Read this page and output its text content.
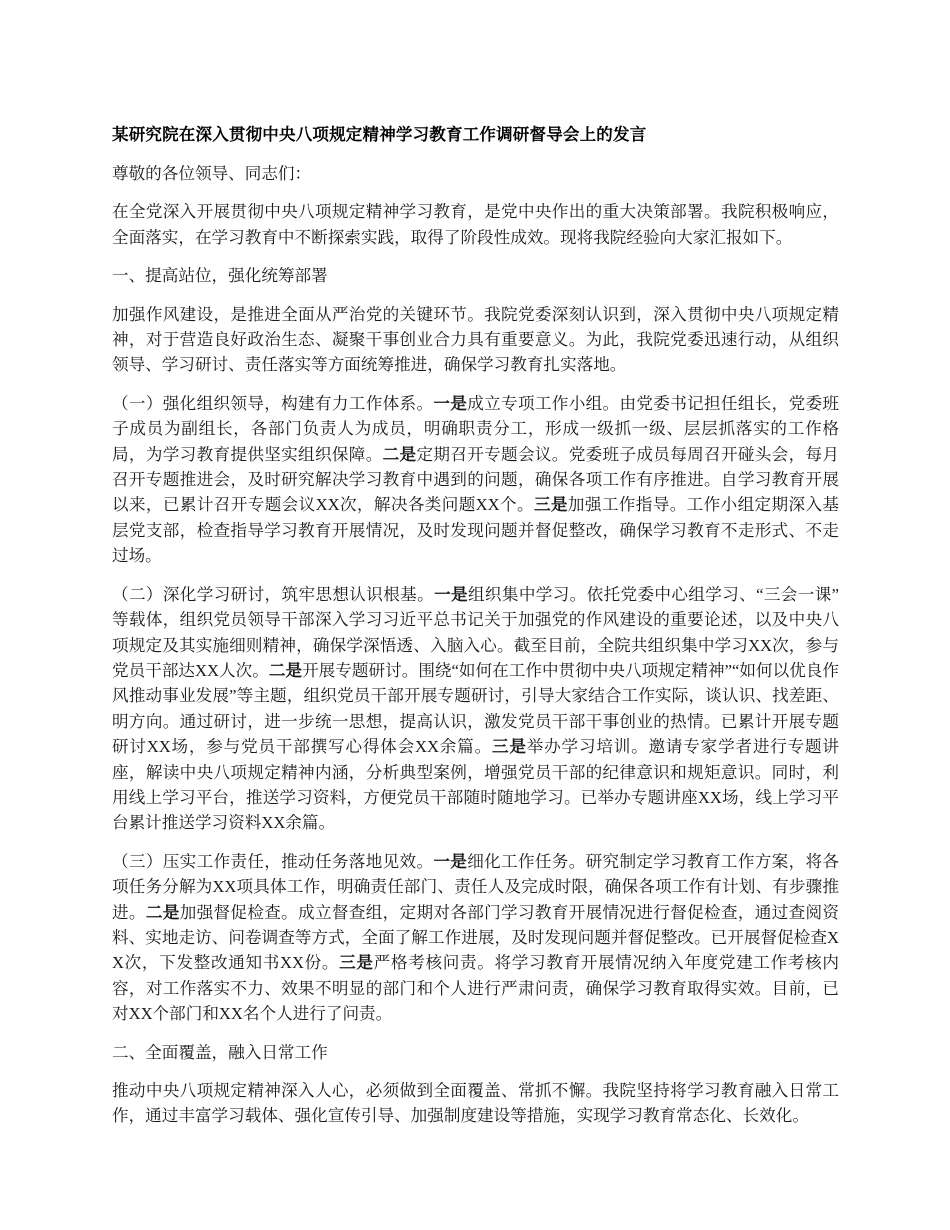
某研究院在深入贯彻中央八项规定精神学习教育工作调研督导会上的发言

尊敬的各位领导、同志们：

在全党深入开展贯彻中央八项规定精神学习教育，是党中央作出的重大决策部署。我院积极响应，全面落实，在学习教育中不断探索实践，取得了阶段性成效。现将我院经验向大家汇报如下。

一、提高站位，强化统筹部署

加强作风建设，是推进全面从严治党的关键环节。我院党委深刻认识到，深入贯彻中央八项规定精神，对于营造良好政治生态、凝聚干事创业合力具有重要意义。为此，我院党委迅速行动，从组织领导、学习研讨、责任落实等方面统筹推进，确保学习教育扎实落地。

（一）强化组织领导，构建有力工作体系。一是成立专项工作小组。由党委书记担任组长，党委班子成员为副组长，各部门负责人为成员，明确职责分工，形成一级抓一级、层层抓落实的工作格局，为学习教育提供坚实组织保障。二是定期召开专题会议。党委班子成员每周召开碰头会，每月召开专题推进会，及时研究解决学习教育中遇到的问题，确保各项工作有序推进。自学习教育开展以来，已累计召开专题会议XX次，解决各类问题XX个。三是加强工作指导。工作小组定期深入基层党支部，检查指导学习教育开展情况，及时发现问题并督促整改，确保学习教育不走形式、不走过场。

（二）深化学习研讨，筑牢思想认识根基。一是组织集中学习。依托党委中心组学习、“三会一课”等载体，组织党员领导干部深入学习习近平总书记关于加强党的作风建设的重要论述，以及中央八项规定及其实施细则精神，确保学深悟透、入脑入心。截至目前，全院共组织集中学习XX次，参与党员干部达XX人次。二是开展专题研讨。围绕“如何在工作中贯彻中央八项规定精神”“如何以优良作风推动事业发展”等主题，组织党员干部开展专题研讨，引导大家结合工作实际，谈认识、找差距、明方向。通过研讨，进一步统一思想，提高认识，激发党员干部干事创业的热情。已累计开展专题研讨XX场，参与党员干部撰写心得体会XX余篇。三是举办学习培训。邀请专家学者进行专题讲座，解读中央八项规定精神内涵，分析典型案例，增强党员干部的纪律意识和规矩意识。同时，利用线上学习平台，推送学习资料，方便党员干部随时随地学习。已举办专题讲座XX场，线上学习平台累计推送学习资料XX余篇。

（三）压实工作责任，推动任务落地见效。一是细化工作任务。研究制定学习教育工作方案，将各项任务分解为XX项具体工作，明确责任部门、责任人及完成时限，确保各项工作有计划、有步骤推进。二是加强督促检查。成立督查组，定期对各部门学习教育开展情况进行督促检查，通过查阅资料、实地走访、问卷调查等方式，全面了解工作进展，及时发现问题并督促整改。已开展督促检查XX次，下发整改通知书XX份。三是严格考核问责。将学习教育开展情况纳入年度党建工作考核内容，对工作落实不力、效果不明显的部门和个人进行严肃问责，确保学习教育取得实效。目前，已对XX个部门和XX名个人进行了问责。

二、全面覆盖，融入日常工作

推动中央八项规定精神深入人心，必须做到全面覆盖、常抓不懈。我院坚持将学习教育融入日常工作，通过丰富学习载体、强化宣传引导、加强制度建设等措施，实现学习教育常态化、长效化。
